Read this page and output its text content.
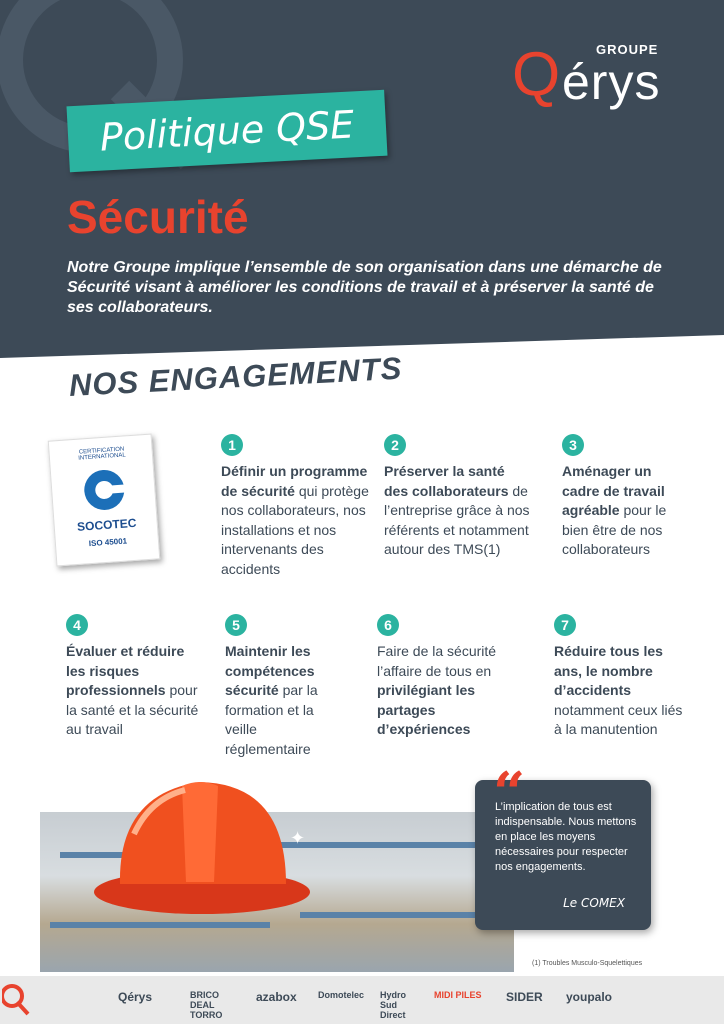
Q érys
GROUPE
Politique QSE
Sécurité
Notre Groupe implique l’ensemble de son organisation dans une démarche de Sécurité visant à améliorer les conditions de travail et à préserver la santé de ses collaborateurs.
NOS ENGAGEMENTS
CERTIFICATION INTERNATIONAL
SOCOTEC
ISO 45001
1
Définir un programme de sécurité qui protège nos collaborateurs, nos installations et nos intervenants des accidents
2
Préserver la santé des collaborateurs de l’entreprise grâce à nos référents et notamment autour des TMS(1)
3
Aménager un cadre de travail agréable pour le bien être de nos collaborateurs
4
Évaluer et réduire les risques professionnels pour la santé et la sécurité au travail
5
Maintenir les compétences sécurité par la formation et la veille réglementaire
6
Faire de la sécurité l’affaire de tous en privilégiant les partages d’expériences
7
Réduire tous les ans, le nombre d’accidents notamment ceux liés à la manutention
✦
“
L’implication de tous est indispensable. Nous mettons en place les moyens nécessaires pour respecter nos engagements.
Le COMEX
(1) Troubles Musculo-Squelettiques
Qérys	BRICO DEAL TORRO
azabox Domotelec Hydro Sud Direct
MIDI PILES SIDER youpalo
